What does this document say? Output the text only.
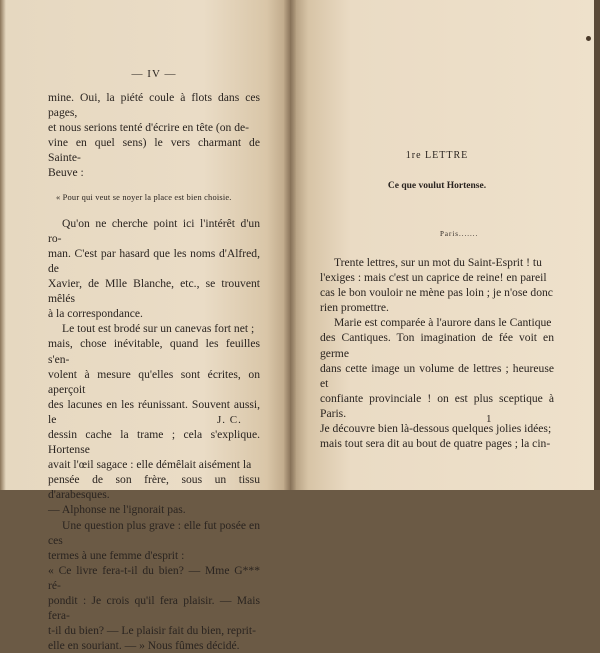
— IV —

mine. Oui, la piété coule à flots dans ces pages,
et nous serions tenté d'écrire en tête (on de-
vine en quel sens) le vers charmant de Sainte-
Beuve :

« Pour qui veut se noyer la place est bien choisie.

Qu'on ne cherche point ici l'intérêt d'un ro-
man. C'est par hasard que les noms d'Alfred, de
Xavier, de Mlle Blanche, etc., se trouvent mêlés
à la correspondance.

Le tout est brodé sur un canevas fort net ;
mais, chose inévitable, quand les feuilles s'en-
volent à mesure qu'elles sont écrites, on aperçoit
des lacunes en les réunissant. Souvent aussi, le
dessin cache la trame ; cela s'explique. Hortense
avait l'œil sagace : elle démêlait aisément la
pensée de son frère, sous un tissu d'arabesques.
— Alphonse ne l'ignorait pas.

Une question plus grave : elle fut posée en ces
termes à une femme d'esprit :
« Ce livre fera-t-il du bien? — Mme G*** ré-
pondit : Je crois qu'il fera plaisir. — Mais fera-
t-il du bien? — Le plaisir fait du bien, reprit-
elle en souriant. — » Nous fûmes décidé.

J. C.
1re LETTRE
Ce que voulut Hortense.
Paris.......

Trente lettres, sur un mot du Saint-Esprit ! tu
l'exiges : mais c'est un caprice de reine! en pareil
cas le bon vouloir ne mène pas loin ; je n'ose donc
rien promettre.

Marie est comparée à l'aurore dans le Cantique
des Cantiques. Ton imagination de fée voit en germe
dans cette image un volume de lettres ; heureuse et
confiante provinciale ! on est plus sceptique à Paris.
Je découvre bien là-dessous quelques jolies idées;
mais tout sera dit au bout de quatre pages ; la cin-

1
